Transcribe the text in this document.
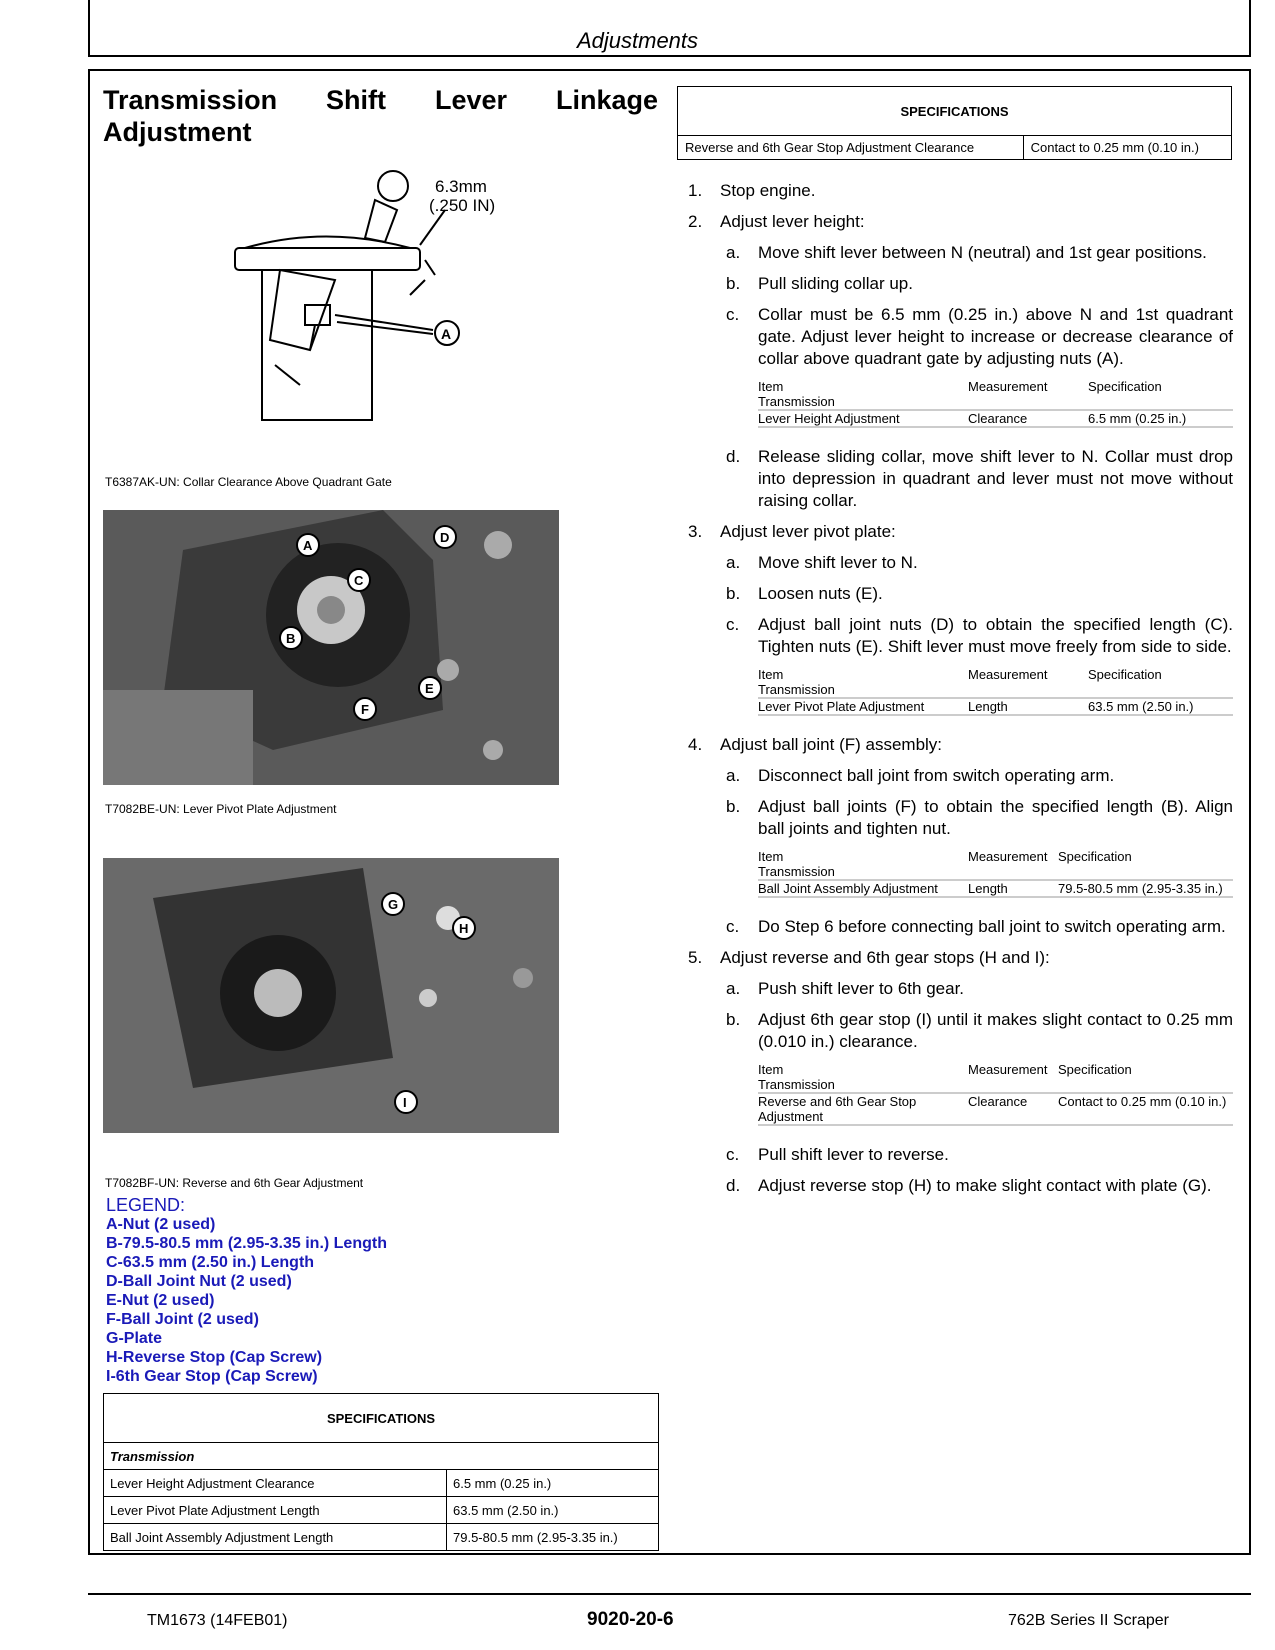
Adjustments
Transmission Shift Lever Linkage
Adjustment
A
6.3mm
(.250 IN)
T6387AK-UN: Collar Clearance Above Quadrant Gate
A
B
C
D
E
F
T7082BE-UN: Lever Pivot Plate Adjustment
G
H
I
T7082BF-UN: Reverse and 6th Gear Adjustment
LEGEND:
A-Nut (2 used)
B-79.5-80.5 mm (2.95-3.35 in.) Length
C-63.5 mm (2.50 in.) Length
D-Ball Joint Nut (2 used)
E-Nut (2 used)
F-Ball Joint (2 used)
G-Plate
H-Reverse Stop (Cap Screw)
I-6th Gear Stop (Cap Screw)
SPECIFICATIONS
Reverse and 6th Gear Stop Adjustment Clearance	Contact to 0.25 mm (0.10 in.)
1.	Stop engine.
2.	Adjust lever height:
a.	Move shift lever between N (neutral) and 1st gear positions.
b.	Pull sliding collar up.
c.	Collar must be 6.5 mm (0.25 in.) above N and 1st quadrant gate. Adjust lever height to increase or decrease clearance of collar above quadrant gate by adjusting nuts (A).
Item	Measurement	Specification
Transmission
Lever Height Adjustment	Clearance	6.5 mm (0.25 in.)
d.	Release sliding collar, move shift lever to N. Collar must drop into depression in quadrant and lever must not move without raising collar.
3.	Adjust lever pivot plate:
a.	Move shift lever to N.
b.	Loosen nuts (E).
c.	Adjust ball joint nuts (D) to obtain the specified length (C). Tighten nuts (E). Shift lever must move freely from side to side.
Item	Measurement	Specification
Transmission
Lever Pivot Plate Adjustment	Length	63.5 mm (2.50 in.)
4.	Adjust ball joint (F) assembly:
a.	Disconnect ball joint from switch operating arm.
b.	Adjust ball joints (F) to obtain the specified length (B). Align ball joints and tighten nut.
Item	Measurement Specification
Transmission
Ball Joint Assembly Adjustment	Length	79.5-80.5 mm (2.95-3.35 in.)
c.	Do Step 6 before connecting ball joint to switch operating arm.
5.	Adjust reverse and 6th gear stops (H and I):
a.	Push shift lever to 6th gear.
b.	Adjust 6th gear stop (I) until it makes slight contact to 0.25 mm (0.010 in.) clearance.
Item	Measurement Specification
Transmission
Reverse and 6th Gear Stop Adjustment
Clearance	Contact to 0.25 mm (0.10 in.)
c.	Pull shift lever to reverse.
d.	Adjust reverse stop (H) to make slight contact with plate (G).
SPECIFICATIONS	
Transmission	
Lever Height Adjustment Clearance	6.5 mm (0.25 in.)
Lever Pivot Plate Adjustment Length	63.5 mm (2.50 in.)
Ball Joint Assembly Adjustment Length	79.5-80.5 mm (2.95-3.35 in.)
TM1673 (14FEB01)	9020-20-6	762B Series II Scraper
